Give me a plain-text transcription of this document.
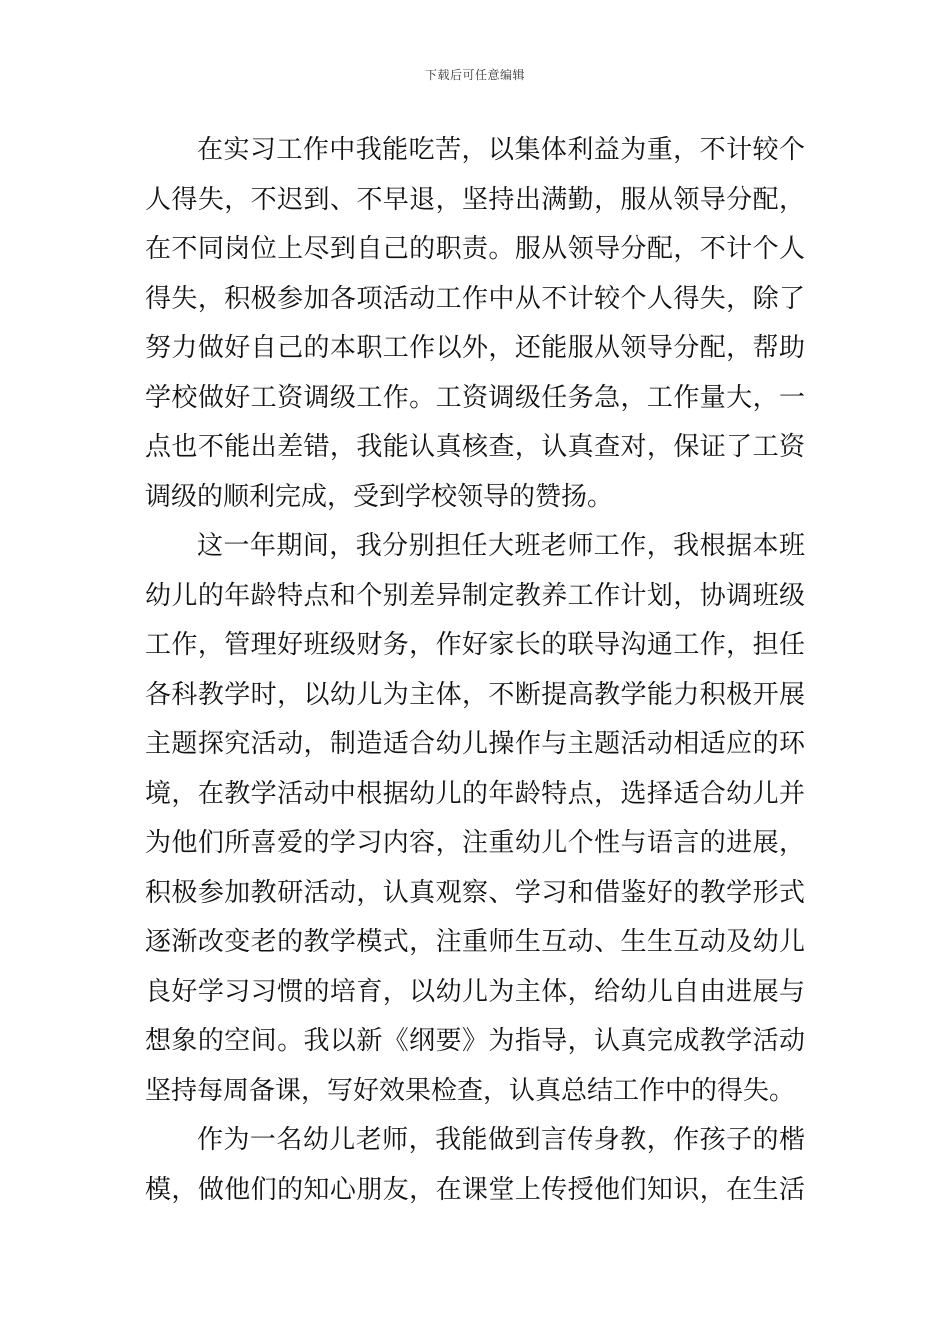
下载后可任意编辑
在实习工作中我能吃苦，以集体利益为重，不计较个
人得失，不迟到、不早退，坚持出满勤，服从领导分配，
在不同岗位上尽到自己的职责。服从领导分配，不计个人
得失，积极参加各项活动工作中从不计较个人得失，除了
努力做好自己的本职工作以外，还能服从领导分配，帮助
学校做好工资调级工作。工资调级任务急，工作量大，一
点也不能出差错，我能认真核查，认真查对，保证了工资
调级的顺利完成，受到学校领导的赞扬。
这一年期间，我分别担任大班老师工作，我根据本班
幼儿的年龄特点和个别差异制定教养工作计划，协调班级
工作，管理好班级财务，作好家长的联导沟通工作，担任
各科教学时，以幼儿为主体，不断提高教学能力积极开展
主题探究活动，制造适合幼儿操作与主题活动相适应的环
境，在教学活动中根据幼儿的年龄特点，选择适合幼儿并
为他们所喜爱的学习内容，注重幼儿个性与语言的进展，
积极参加教研活动，认真观察、学习和借鉴好的教学形式
逐渐改变老的教学模式，注重师生互动、生生互动及幼儿
良好学习习惯的培育，以幼儿为主体，给幼儿自由进展与
想象的空间。我以新《纲要》为指导，认真完成教学活动
坚持每周备课，写好效果检查，认真总结工作中的得失。
作为一名幼儿老师，我能做到言传身教，作孩子的楷
模，做他们的知心朋友，在课堂上传授他们知识，在生活
